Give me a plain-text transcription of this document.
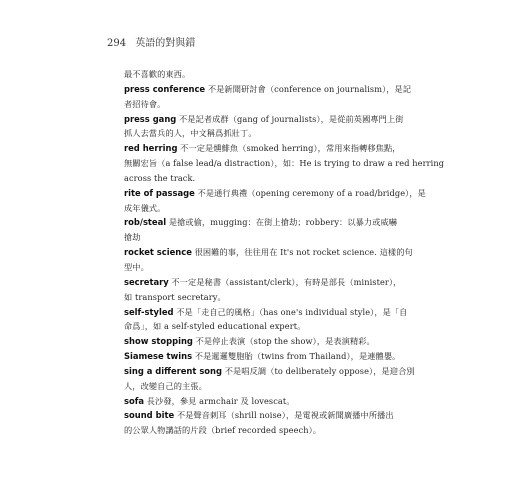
294 英語的對與錯
最不喜歡的東西。
press conference 不是新聞研討會（conference on journalism），是記
者招待會。
press gang 不是記者成群（gang of journalists），是從前英國專門上街
抓人去當兵的人，中文稱爲抓壯丁。
red herring 不一定是燻鯡魚（smoked herring），常用來指轉移焦點，
無關宏旨（a false lead/a distraction），如：He is trying to draw a red herring
across the track.
rite of passage 不是通行典禮（opening ceremony of a road/bridge），是
成年儀式。
rob/steal 是搶或偷，mugging：在街上搶劫；robbery：以暴力或威嚇
搶劫
rocket science 很困難的事，往往用在 It's not rocket science. 這樣的句
型中。
secretary 不一定是秘書（assistant/clerk），有時是部長（minister），
如 transport secretary。
self-styled 不是「走自己的風格」（has one's individual style），是「自
命爲」，如 a self-styled educational expert。
show stopping 不是停止表演（stop the show），是表演精彩。
Siamese twins 不是暹邏雙胞胎（twins from Thailand），是連體嬰。
sing a different song 不是唱反調（to deliberately oppose），是迎合別
人，改變自己的主張。
sofa 長沙發，參見 armchair 及 lovescat。
sound bite 不是聲音刺耳（shrill noise），是電視或新聞廣播中所播出
的公眾人物講話的片段（brief recorded speech）。
